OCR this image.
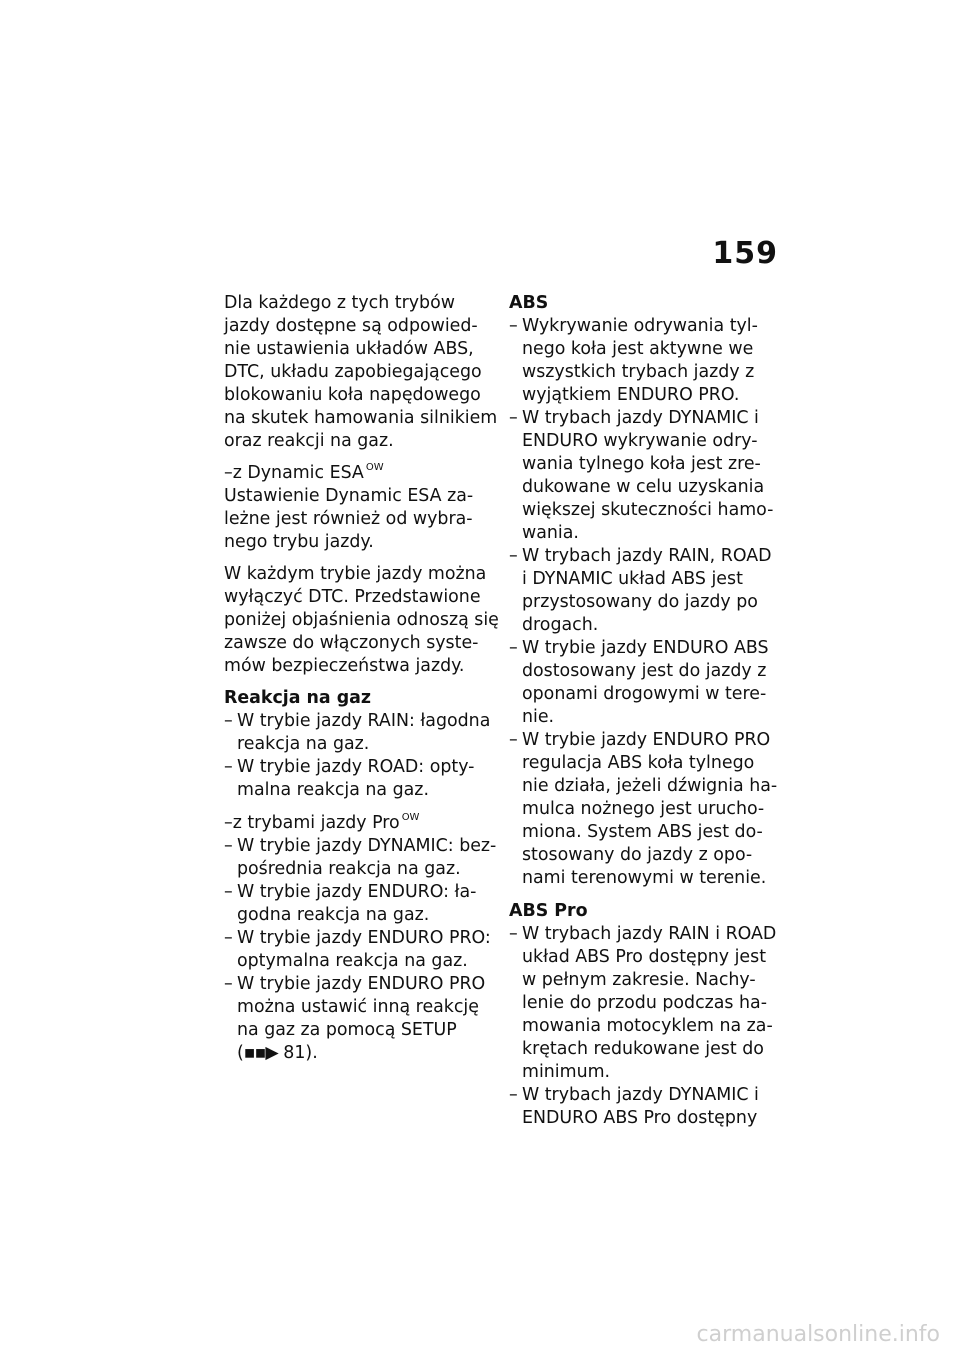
159

Dla każdego z tych trybów
jazdy dostępne są odpowied-
nie ustawienia układów ABS,
DTC, układu zapobiegającego
blokowaniu koła napędowego
na skutek hamowania silnikiem
oraz reakcji na gaz.

–z Dynamic ESA $^{OW}$

Ustawienie Dynamic ESA za-
leżne jest również od wybra-
nego trybu jazdy.

W każdym trybie jazdy można
wyłączyć DTC. Przedstawione
poniżej objaśnienia odnoszą się
zawsze do włączonych syste-
mów bezpieczeństwa jazdy.

Reakcja na gaz

– W trybie jazdy RAIN: łagodna
reakcja na gaz.
– W trybie jazdy ROAD: opty-
malna reakcja na gaz.

–z trybami jazdy Pro $^{OW}$

– W trybie jazdy DYNAMIC: bez-
pośrednia reakcja na gaz.
– W trybie jazdy ENDURO: ła-
godna reakcja na gaz.
– W trybie jazdy ENDURO PRO:
optymalna reakcja na gaz.
– W trybie jazdy ENDURO PRO
można ustawić inną reakcję
na gaz za pomocą SETUP
(▪▪▶ 81).

ABS

– Wykrywanie odrywania tyl-
nego koła jest aktywne we
wszystkich trybach jazdy z
wyjątkiem ENDURO PRO.
– W trybach jazdy DYNAMIC i
ENDURO wykrywanie odry-
wania tylnego koła jest zre-
dukowane w celu uzyskania
większej skuteczności hamo-
wania.
– W trybach jazdy RAIN, ROAD
i DYNAMIC układ ABS jest
przystosowany do jazdy po
drogach.
– W trybie jazdy ENDURO ABS
dostosowany jest do jazdy z
oponami drogowymi w tere-
nie.
– W trybie jazdy ENDURO PRO
regulacja ABS koła tylnego
nie działa, jeżeli dźwignia ha-
mulca nożnego jest urucho-
miona. System ABS jest do-
stosowany do jazdy z opo-
nami terenowymi w terenie.

ABS Pro

– W trybach jazdy RAIN i ROAD
układ ABS Pro dostępny jest
w pełnym zakresie. Nachy-
lenie do przodu podczas ha-
mowania motocyklem na za-
krętach redukowane jest do
minimum.
– W trybach jazdy DYNAMIC i
ENDURO ABS Pro dostępny
carmanualsonline.info
